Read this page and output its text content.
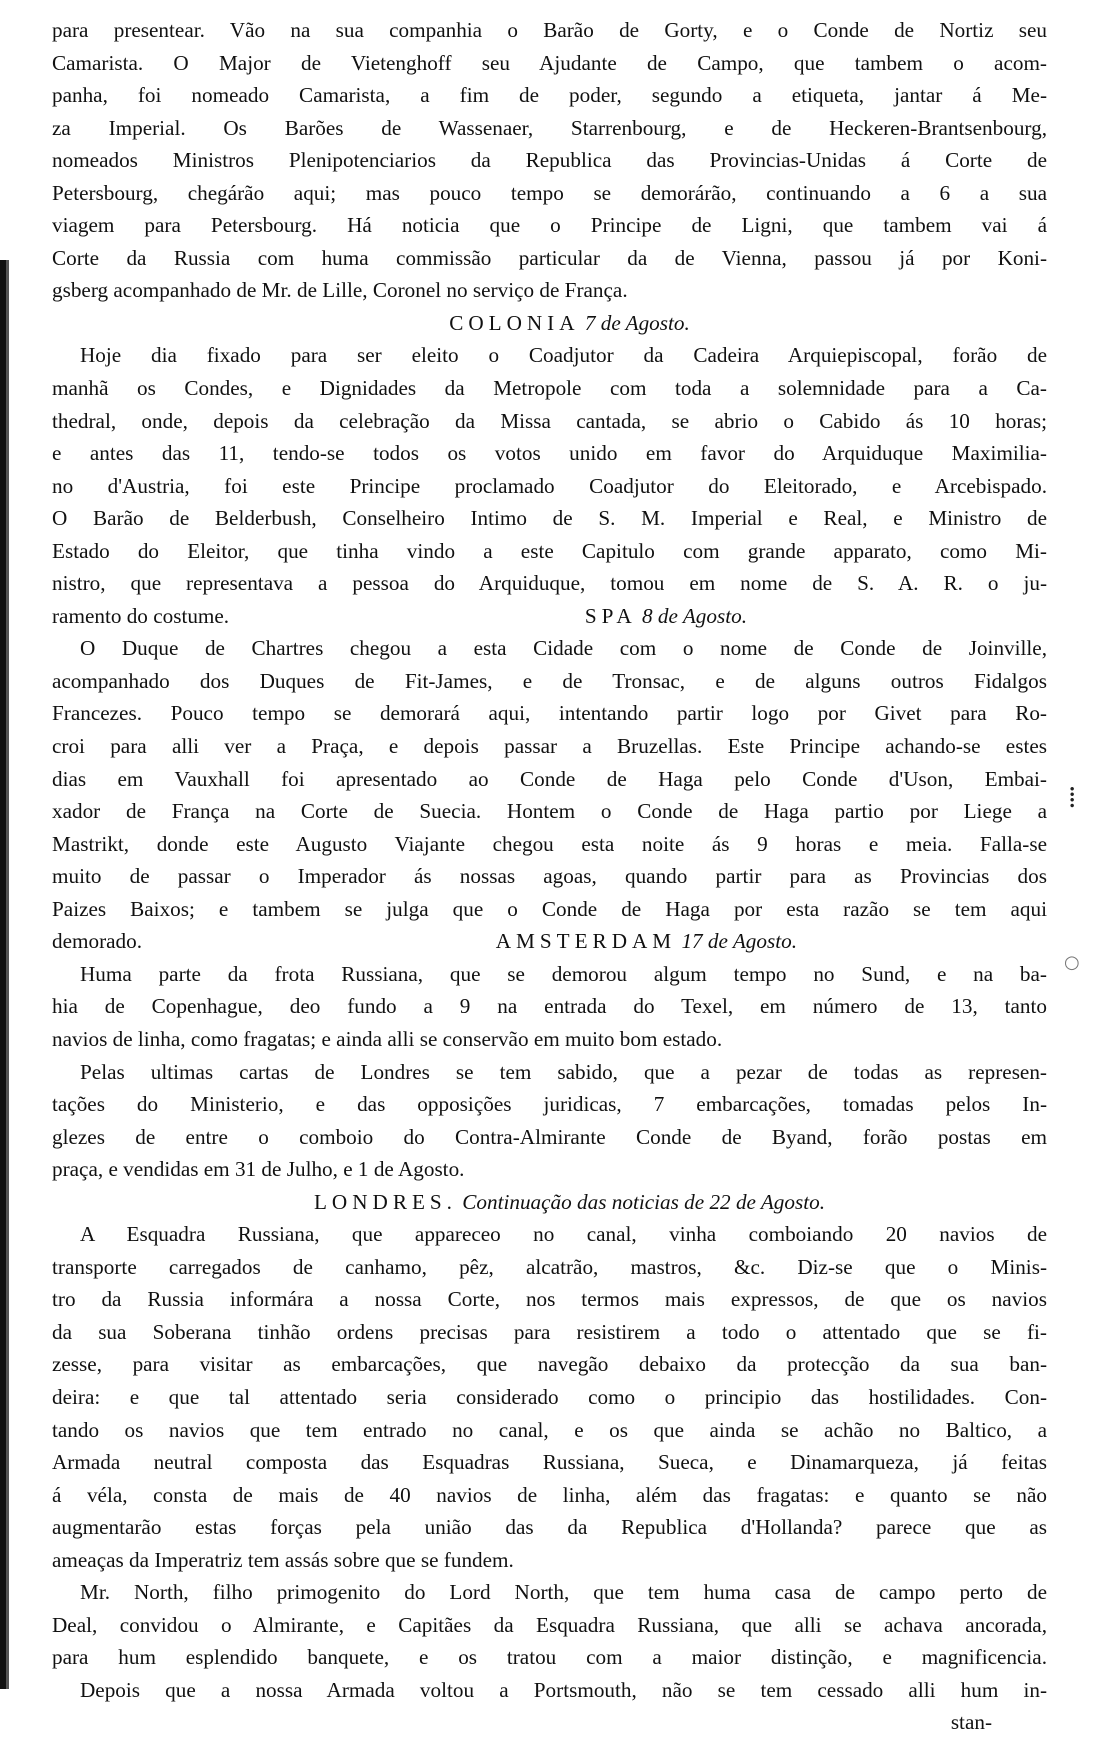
⁞
○
para presentear. Vão na sua companhia o Barão de Gorty, e o Conde de Nortiz seu
Camarista. O Major de Vietenghoff seu Ajudante de Campo, que tambem o acom-
panha, foi nomeado Camarista, a fim de poder, segundo a etiqueta, jantar á Me-
za Imperial. Os Barões de Wassenaer, Starrenbourg, e de Heckeren-Brantsenbourg,
nomeados Ministros Plenipotenciarios da Republica das Provincias-Unidas á Corte de
Petersbourg, chegárão aqui; mas pouco tempo se demorárão, continuando a 6 a sua
viagem para Petersbourg. Há noticia que o Principe de Ligni, que tambem vai á
Corte da Russia com huma commissão particular da de Vienna, passou já por Koni-
gsberg acompanhado de Mr. de Lille, Coronel no serviço de França.
COLONIA 7 de Agosto.
Hoje dia fixado para ser eleito o Coadjutor da Cadeira Arquiepiscopal, forão de
manhã os Condes, e Dignidades da Metropole com toda a solemnidade para a Ca-
thedral, onde, depois da celebração da Missa cantada, se abrio o Cabido ás 10 horas;
e antes das 11, tendo-se todos os votos unido em favor do Arquiduque Maximilia-
no d'Austria, foi este Principe proclamado Coadjutor do Eleitorado, e Arcebispado.
O Barão de Belderbush, Conselheiro Intimo de S. M. Imperial e Real, e Ministro de
Estado do Eleitor, que tinha vindo a este Capitulo com grande apparato, como Mi-
nistro, que representava a pessoa do Arquiduque, tomou em nome de S. A. R. o ju-
ramento do costume.	SPA 8 de Agosto.
O Duque de Chartres chegou a esta Cidade com o nome de Conde de Joinville,
acompanhado dos Duques de Fit-James, e de Tronsac, e de alguns outros Fidalgos
Francezes. Pouco tempo se demorará aqui, intentando partir logo por Givet para Ro-
croi para alli ver a Praça, e depois passar a Bruzellas. Este Principe achando-se estes
dias em Vauxhall foi apresentado ao Conde de Haga pelo Conde d'Uson, Embai-
xador de França na Corte de Suecia. Hontem o Conde de Haga partio por Liege a
Mastrikt, donde este Augusto Viajante chegou esta noite ás 9 horas e meia. Falla-se
muito de passar o Imperador ás nossas agoas, quando partir para as Provincias dos
Paizes Baixos; e tambem se julga que o Conde de Haga por esta razão se tem aqui
demorado.	AMSTERDAM 17 de Agosto.
Huma parte da frota Russiana, que se demorou algum tempo no Sund, e na ba-
hia de Copenhague, deo fundo a 9 na entrada do Texel, em número de 13, tanto
navios de linha, como fragatas; e ainda alli se conservão em muito bom estado.
Pelas ultimas cartas de Londres se tem sabido, que a pezar de todas as represen-
tações do Ministerio, e das opposições juridicas, 7 embarcações, tomadas pelos In-
glezes de entre o comboio do Contra-Almirante Conde de Byand, forão postas em
praça, e vendidas em 31 de Julho, e 1 de Agosto.
LONDRES. Continuação das noticias de 22 de Agosto.
A Esquadra Russiana, que appareceo no canal, vinha comboiando 20 navios de
transporte carregados de canhamo, pêz, alcatrão, mastros, &c. Diz-se que o Minis-
tro da Russia informára a nossa Corte, nos termos mais expressos, de que os navios
da sua Soberana tinhão ordens precisas para resistirem a todo o attentado que se fi-
zesse, para visitar as embarcações, que navegão debaixo da protecção da sua ban-
deira: e que tal attentado seria considerado como o principio das hostilidades. Con-
tando os navios que tem entrado no canal, e os que ainda se achão no Baltico, a
Armada neutral composta das Esquadras Russiana, Sueca, e Dinamarqueza, já feitas
á véla, consta de mais de 40 navios de linha, além das fragatas: e quanto se não
augmentarão estas forças pela união das da Republica d'Hollanda? parece que as
ameaças da Imperatriz tem assás sobre que se fundem.
Mr. North, filho primogenito do Lord North, que tem huma casa de campo perto de
Deal, convidou o Almirante, e Capitães da Esquadra Russiana, que alli se achava ancorada,
para hum esplendido banquete, e os tratou com a maior distinção, e magnificencia.
Depois que a nossa Armada voltou a Portsmouth, não se tem cessado alli hum in-
stan-
